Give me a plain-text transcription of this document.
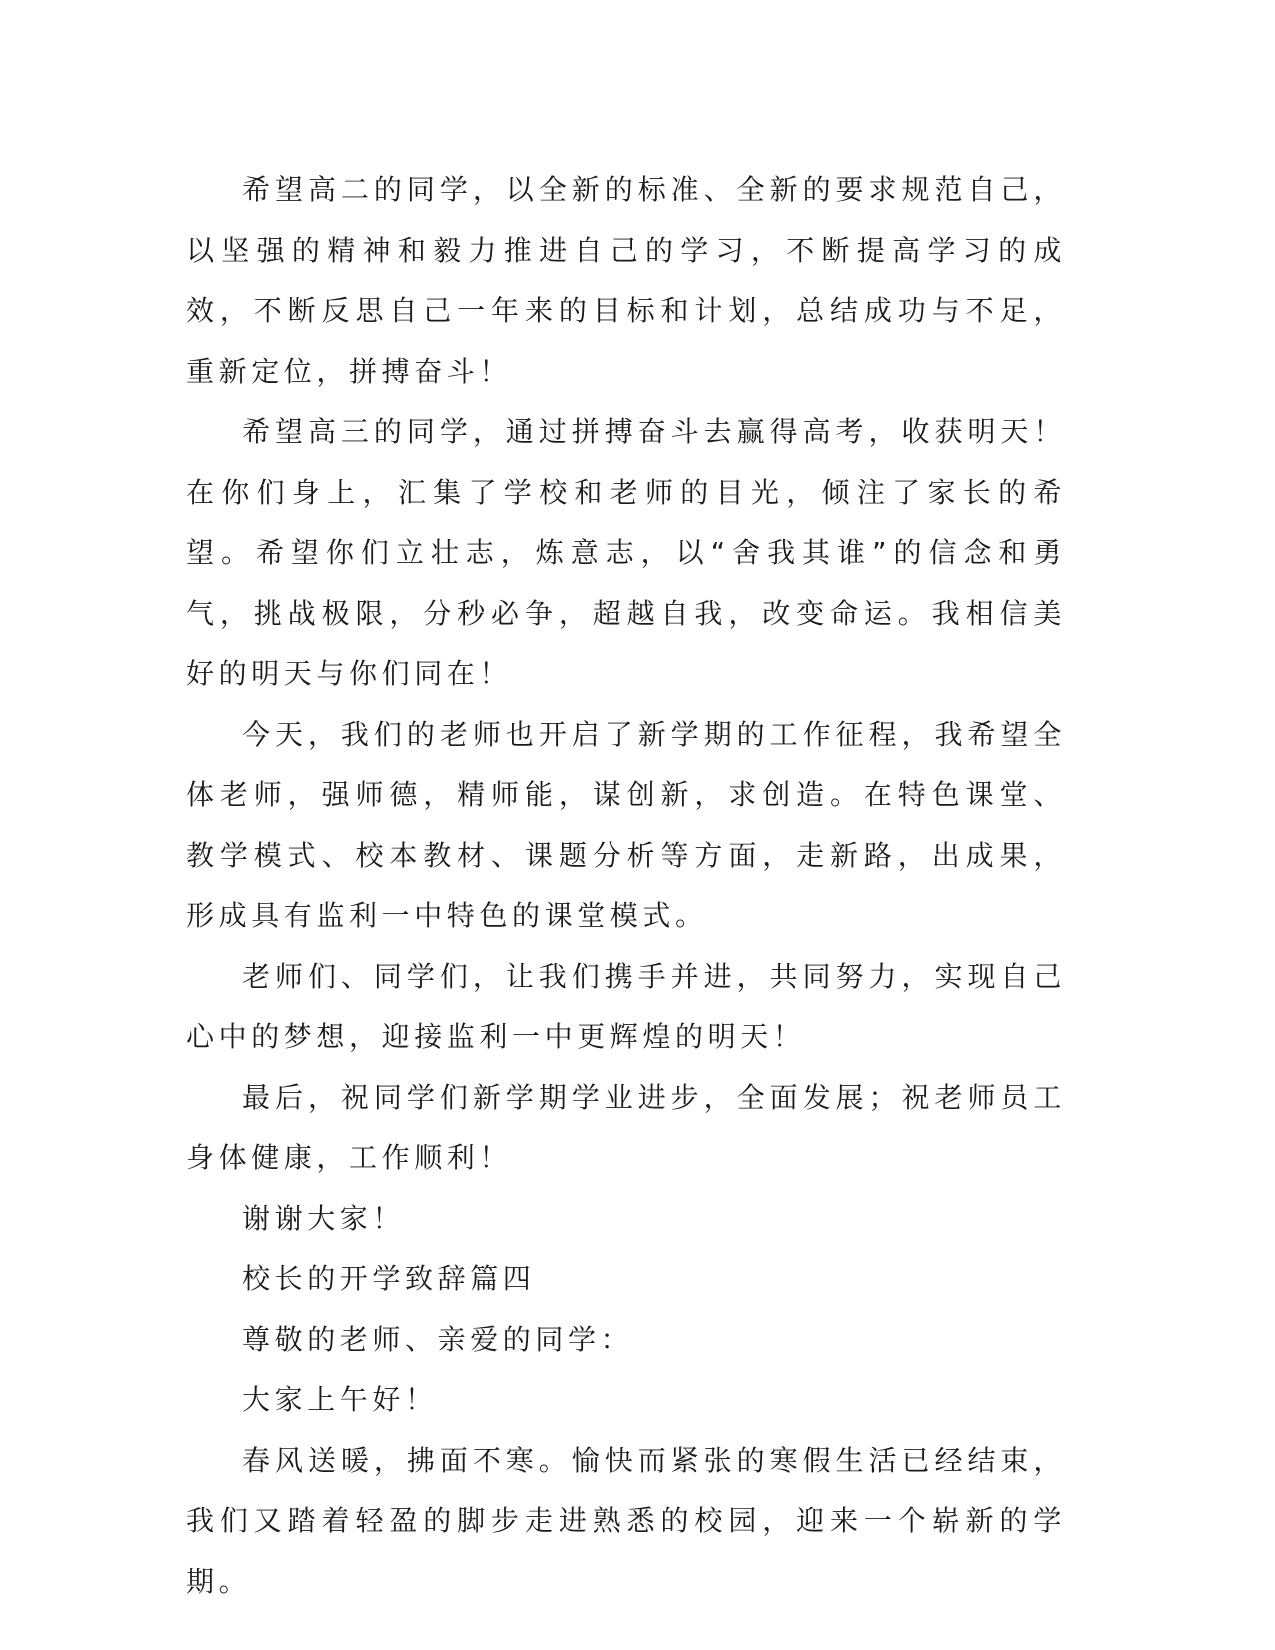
希望高二的同学，以全新的标准、全新的要求规范自己，以坚强的精神和毅力推进自己的学习，不断提高学习的成效，不断反思自己一年来的目标和计划，总结成功与不足，重新定位，拼搏奋斗！

希望高三的同学，通过拼搏奋斗去赢得高考，收获明天！在你们身上，汇集了学校和老师的目光，倾注了家长的希望。希望你们立壮志，炼意志，以“舍我其谁”的信念和勇气，挑战极限，分秒必争，超越自我，改变命运。我相信美好的明天与你们同在！

今天，我们的老师也开启了新学期的工作征程，我希望全体老师，强师德，精师能，谋创新，求创造。在特色课堂、教学模式、校本教材、课题分析等方面，走新路，出成果，形成具有监利一中特色的课堂模式。

老师们、同学们，让我们携手并进，共同努力，实现自己心中的梦想，迎接监利一中更辉煌的明天！

最后，祝同学们新学期学业进步，全面发展；祝老师员工身体健康，工作顺利！

谢谢大家！

校长的开学致辞篇四

尊敬的老师、亲爱的同学：

大家上午好！

春风送暖，拂面不寒。愉快而紧张的寒假生活已经结束，我们又踏着轻盈的脚步走进熟悉的校园，迎来一个崭新的学期。
